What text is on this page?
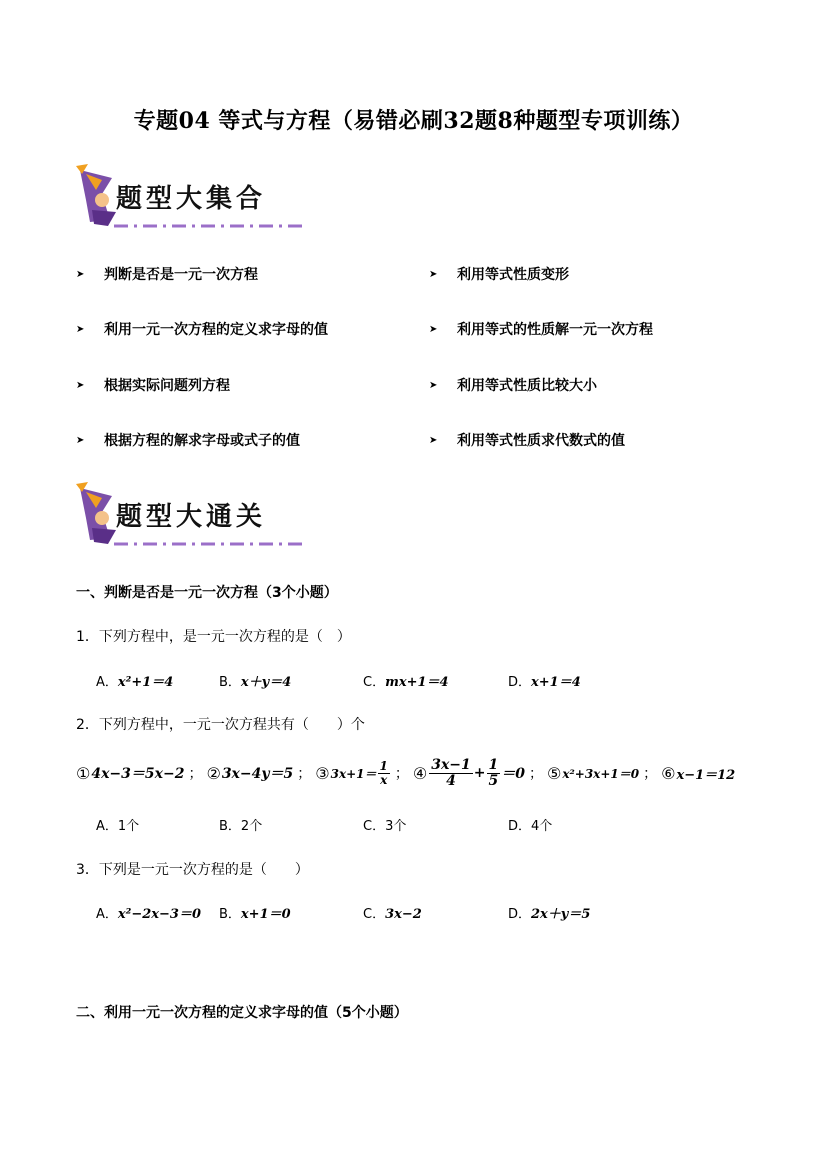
专题04 等式与方程（易错必刷32题8种题型专项训练）
题型大集合
➤	判断是否是一元一次方程	➤	利用等式性质变形
➤	利用一元一次方程的定义求字母的值	➤	利用等式的性质解一元一次方程
➤	根据实际问题列方程	➤	利用等式性质比较大小
➤	根据方程的解求字母或式子的值	➤	利用等式性质求代数式的值
题型大通关
一、判断是否是一元一次方程（3个小题）
1．下列方程中，是一元一次方程的是（　）
A．x²+1＝4	B．x＋y＝4	C．mx+1＝4	D．x+1＝4
2．下列方程中，一元一次方程共有（　　）个
① 4x−3＝5x−2 ； ② 3x−4y＝5 ； ③ $3x+1= \frac{1}{x}$ ； ④ $\frac{3x-1}{4} + \frac{1}{5} =0$ ； ⑤ x²+3x+1＝0 ； ⑥ x−1＝12
A．1个	B．2个	C．3个	D．4个
3．下列是一元一次方程的是（　　）
A．x²−2x−3＝0 B．x+1＝0	C．3x−2	D．2x＋y＝5
二、利用一元一次方程的定义求字母的值（5个小题）
